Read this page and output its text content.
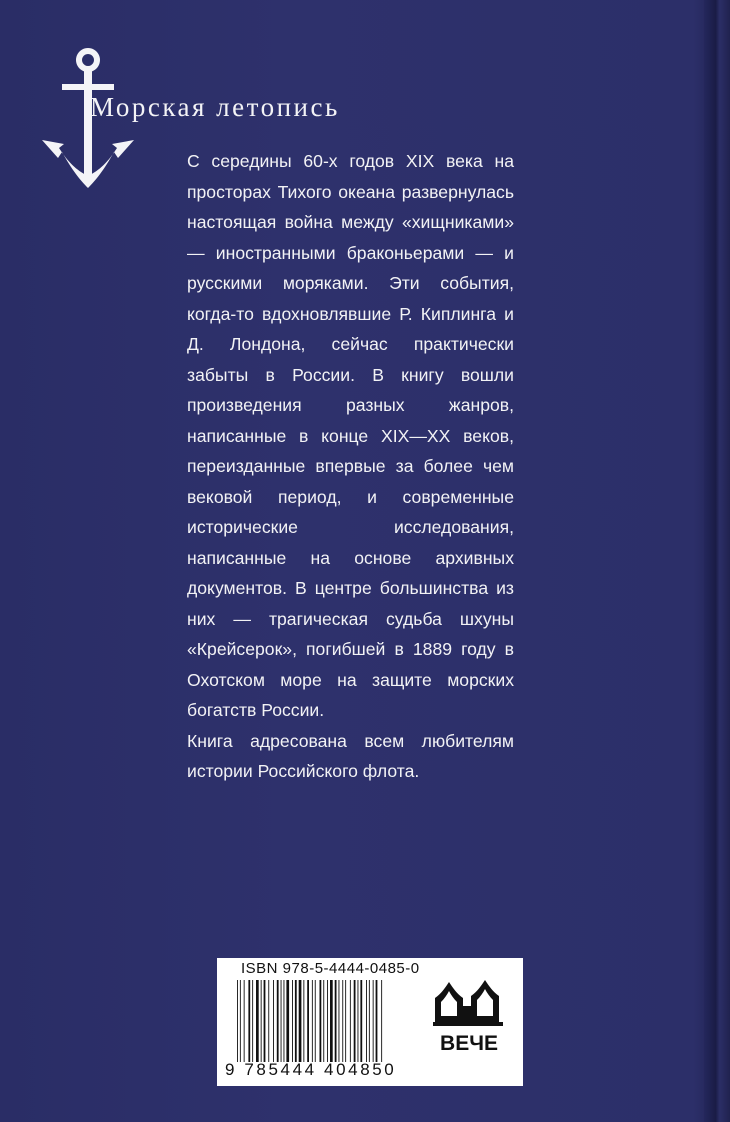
Морская летопись

С середины 60-х годов XIX века на просторах Тихого океана развернулась настоящая война между «хищниками» — иностранными браконьерами — и русскими моряками. Эти события, когда-то вдохновлявшие Р. Киплинга и Д. Лондона, сейчас практически забыты в России. В книгу вошли произведения разных жанров, написанные в конце XIX—XX веков, переизданные впервые за более чем вековой период, и современные исторические исследования, написанные на основе архивных документов. В центре большинства из них — трагическая судьба шхуны «Крейсерок», погибшей в 1889 году в Охотском море на защите морских богатств России.

Книга адресована всем любителям истории Российского флота.

ISBN 978-5-4444-0485-0
9 785444 404850
ВЕЧЕ
